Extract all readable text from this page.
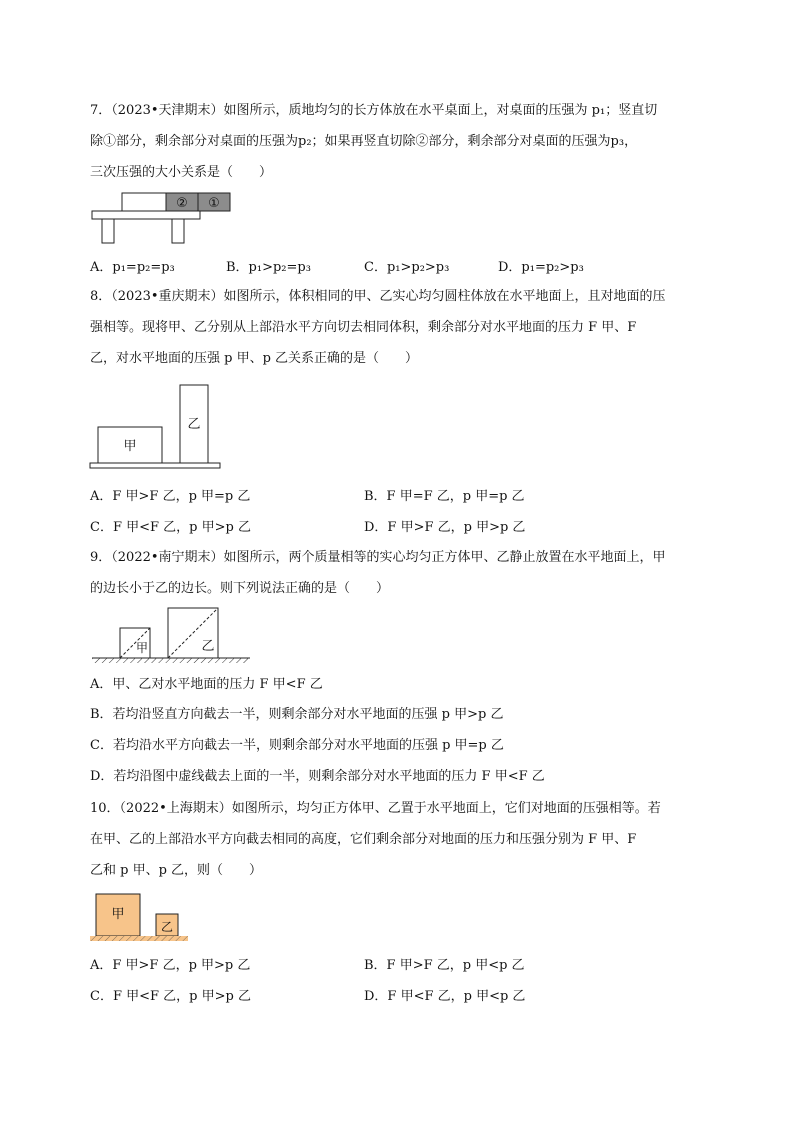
7．（2023•天津期末）如图所示，质地均匀的长方体放在水平桌面上，对桌面的压强为 p₁；竖直切
除①部分，剩余部分对桌面的压强为p₂；如果再竖直切除②部分，剩余部分对桌面的压强为p₃，
三次压强的大小关系是（　　）
② ①
A．p₁=p₂=p₃	B．p₁>p₂=p₃	C．p₁>p₂>p₃	D．p₁=p₂>p₃
8．（2023•重庆期末）如图所示，体积相同的甲、乙实心均匀圆柱体放在水平地面上，且对地面的压
强相等。现将甲、乙分别从上部沿水平方向切去相同体积，剩余部分对水平地面的压力 F 甲、F
乙，对水平地面的压强 p 甲、p 乙关系正确的是（　　）
甲
乙
A．F 甲>F 乙，p 甲=p 乙	B．F 甲=F 乙，p 甲=p 乙
C．F 甲<F 乙，p 甲>p 乙	D．F 甲>F 乙，p 甲>p 乙
9．（2022•南宁期末）如图所示，两个质量相等的实心均匀正方体甲、乙静止放置在水平地面上，甲
的边长小于乙的边长。则下列说法正确的是（　　）
甲	乙
A．甲、乙对水平地面的压力 F 甲<F 乙
B．若均沿竖直方向截去一半，则剩余部分对水平地面的压强 p 甲>p 乙
C．若均沿水平方向截去一半，则剩余部分对水平地面的压强 p 甲=p 乙
D．若均沿图中虚线截去上面的一半，则剩余部分对水平地面的压力 F 甲<F 乙
10．（2022•上海期末）如图所示，均匀正方体甲、乙置于水平地面上，它们对地面的压强相等。若
在甲、乙的上部沿水平方向截去相同的高度，它们剩余部分对地面的压力和压强分别为 F 甲、F
乙和 p 甲、p 乙，则（　　）
甲
乙
A．F 甲>F 乙，p 甲>p 乙	B．F 甲>F 乙，p 甲<p 乙
C．F 甲<F 乙，p 甲>p 乙	D．F 甲<F 乙，p 甲<p 乙
